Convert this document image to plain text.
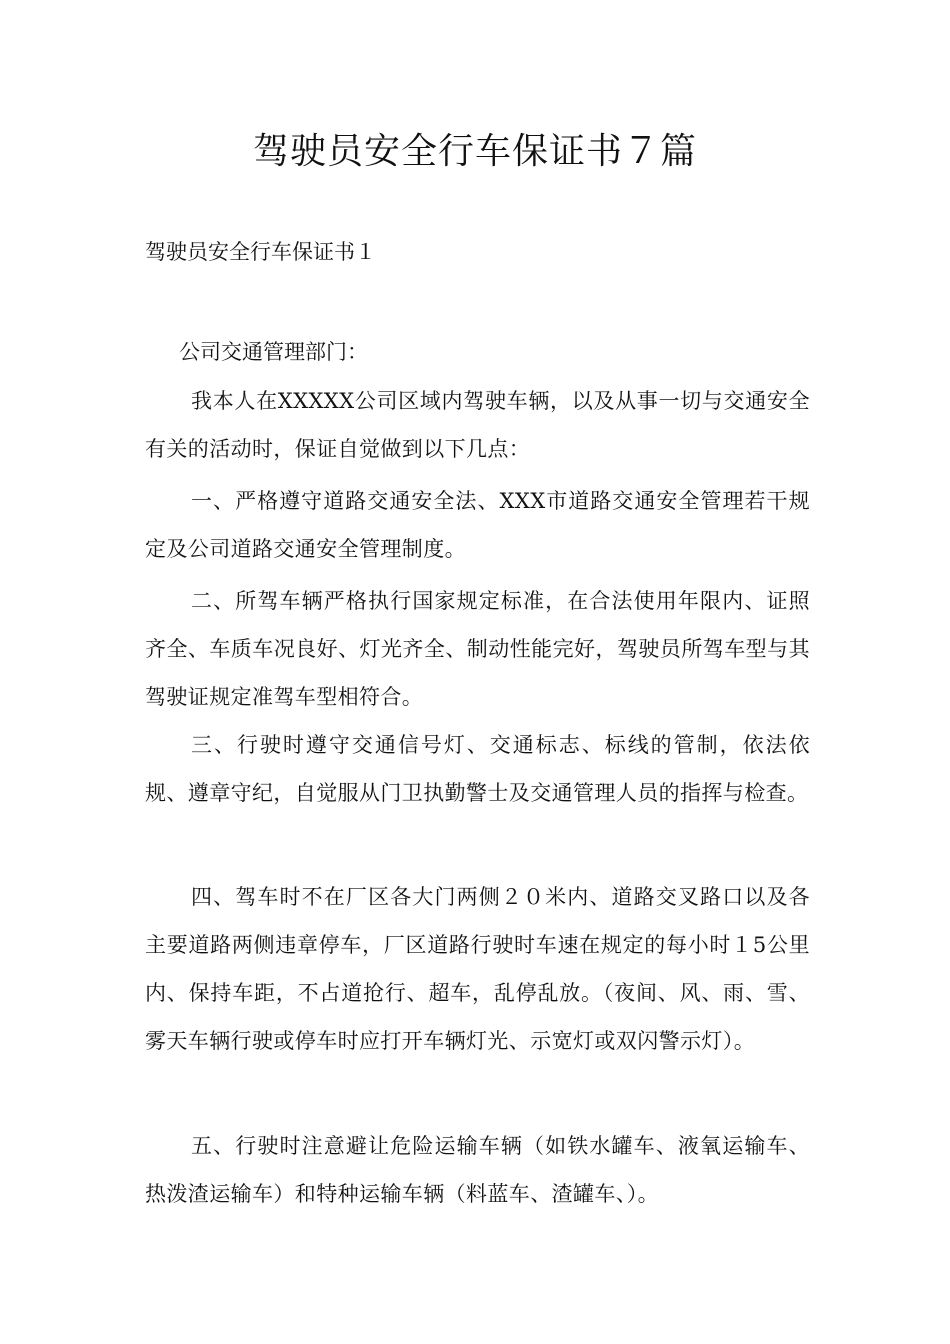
驾驶员安全行车保证书７篇

驾驶员安全行车保证书１

公司交通管理部门：

我本人在XXXXX公司区域内驾驶车辆，以及从事一切与交通安全有关的活动时，保证自觉做到以下几点：

一、严格遵守道路交通安全法、XXX市道路交通安全管理若干规定及公司道路交通安全管理制度。

二、所驾车辆严格执行国家规定标准，在合法使用年限内、证照齐全、车质车况良好、灯光齐全、制动性能完好，驾驶员所驾车型与其驾驶证规定准驾车型相符合。

三、行驶时遵守交通信号灯、交通标志、标线的管制，依法依规、遵章守纪，自觉服从门卫执勤警士及交通管理人员的指挥与检查。

四、驾车时不在厂区各大门两侧２０米内、道路交叉路口以及各主要道路两侧违章停车，厂区道路行驶时车速在规定的每小时１5公里内、保持车距，不占道抢行、超车，乱停乱放。（夜间、风、雨、雪、雾天车辆行驶或停车时应打开车辆灯光、示宽灯或双闪警示灯）。

五、行驶时注意避让危险运输车辆（如铁水罐车、液氧运输车、热泼渣运输车）和特种运输车辆（料蓝车、渣罐车、）。
